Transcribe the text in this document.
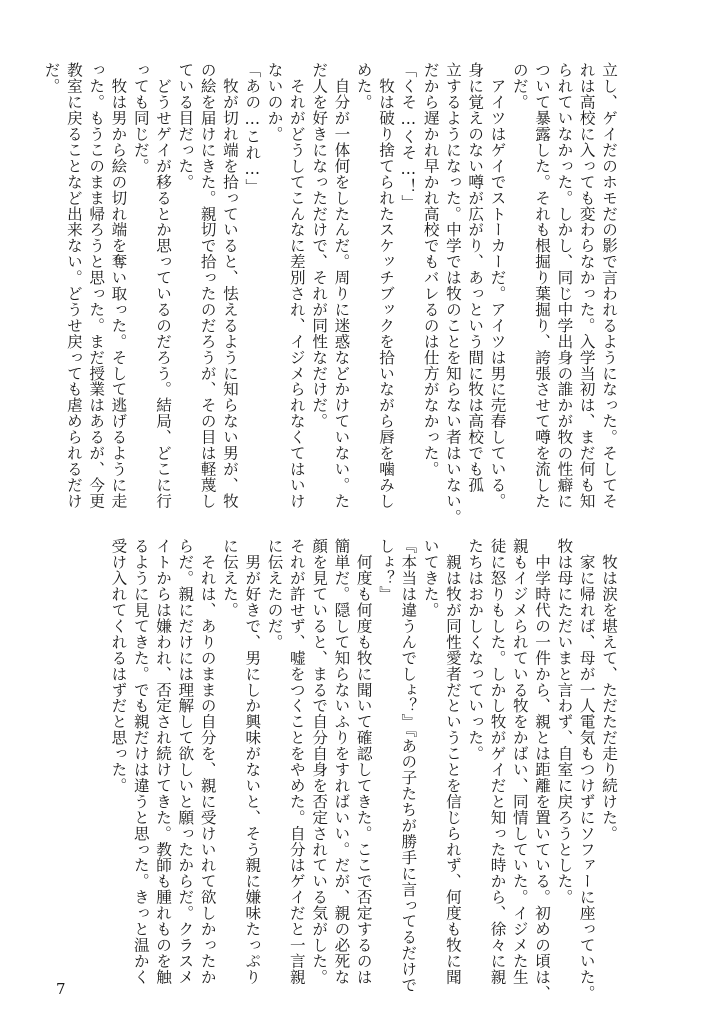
立し、ゲイだのホモだの影で言われるようになった。そしてそ
れは高校に入っても変わらなかった。入学当初は、まだ何も知
られていなかった。しかし、同じ中学出身の誰かが牧の性癖に
ついて暴露した。それも根掘り葉掘り、誇張させて噂を流した
のだ。
　アイツはゲイでストーカーだ。アイツは男に売春している。
身に覚えのない噂が広がり、あっという間に牧は高校でも孤
立するようになった。中学では牧のことを知らない者はいない。
だから遅かれ早かれ高校でもバレるのは仕方がなかった。
「くそ…くそ…！」
　牧は破り捨てられたスケッチブックを拾いながら唇を噛みし
めた。
　自分が一体何をしたんだ。周りに迷惑などかけていない。た
だ人を好きになっただけで、それが同性なだけだ。
　それがどうしてこんなに差別され、イジメられなくてはいけ
ないのか。
「あの…これ…」
　牧が切れ端を拾っていると、怯えるように知らない男が、牧
の絵を届けにきた。親切で拾ったのだろうが、その目は軽蔑し
ている目だった。
　どうせゲイが移るとか思っているのだろう。結局、どこに行
っても同じだ。
　牧は男から絵の切れ端を奪い取った。そして逃げるように走
った。もうこのまま帰ろうと思った。まだ授業はあるが、今更
教室に戻ることなど出来ない。どうせ戻っても虐められるだけ
だ。
　牧は涙を堪えて、ただただ走り続けた。
　家に帰れば、母が一人電気もつけずにソファーに座っていた。
牧は母にただいまと言わず、自室に戻ろうとした。
　中学時代の一件から、親とは距離を置いている。初めの頃は、
親もイジメられている牧をかばい、同情していた。イジメた生
徒に怒りもした。しかし牧がゲイだと知った時から、徐々に親
たちはおかしくなっていった。
　親は牧が同性愛者だということを信じられず、何度も牧に聞
いてきた。
『本当は違うんでしょ？』『あの子たちが勝手に言ってるだけで
しょ？』
　何度も何度も牧に聞いて確認してきた。ここで否定するのは
簡単だ。隠して知らないふりをすればいい。だが、親の必死な
顔を見ていると、まるで自分自身を否定されている気がした。
それが許せず、嘘をつくことをやめた。自分はゲイだと一言親
に伝えたのだ。
　男が好きで、男にしか興味がないと、そう親に嫌味たっぷり
に伝えた。
　それは、ありのままの自分を、親に受けいれて欲しかったか
らだ。親にだけには理解して欲しいと願ったからだ。クラスメ
イトからは嫌われ、否定され続けてきた。教師も腫れものを触
るように見てきた。でも親だけは違うと思った。きっと温かく
受け入れてくれるはずだと思った。
7
